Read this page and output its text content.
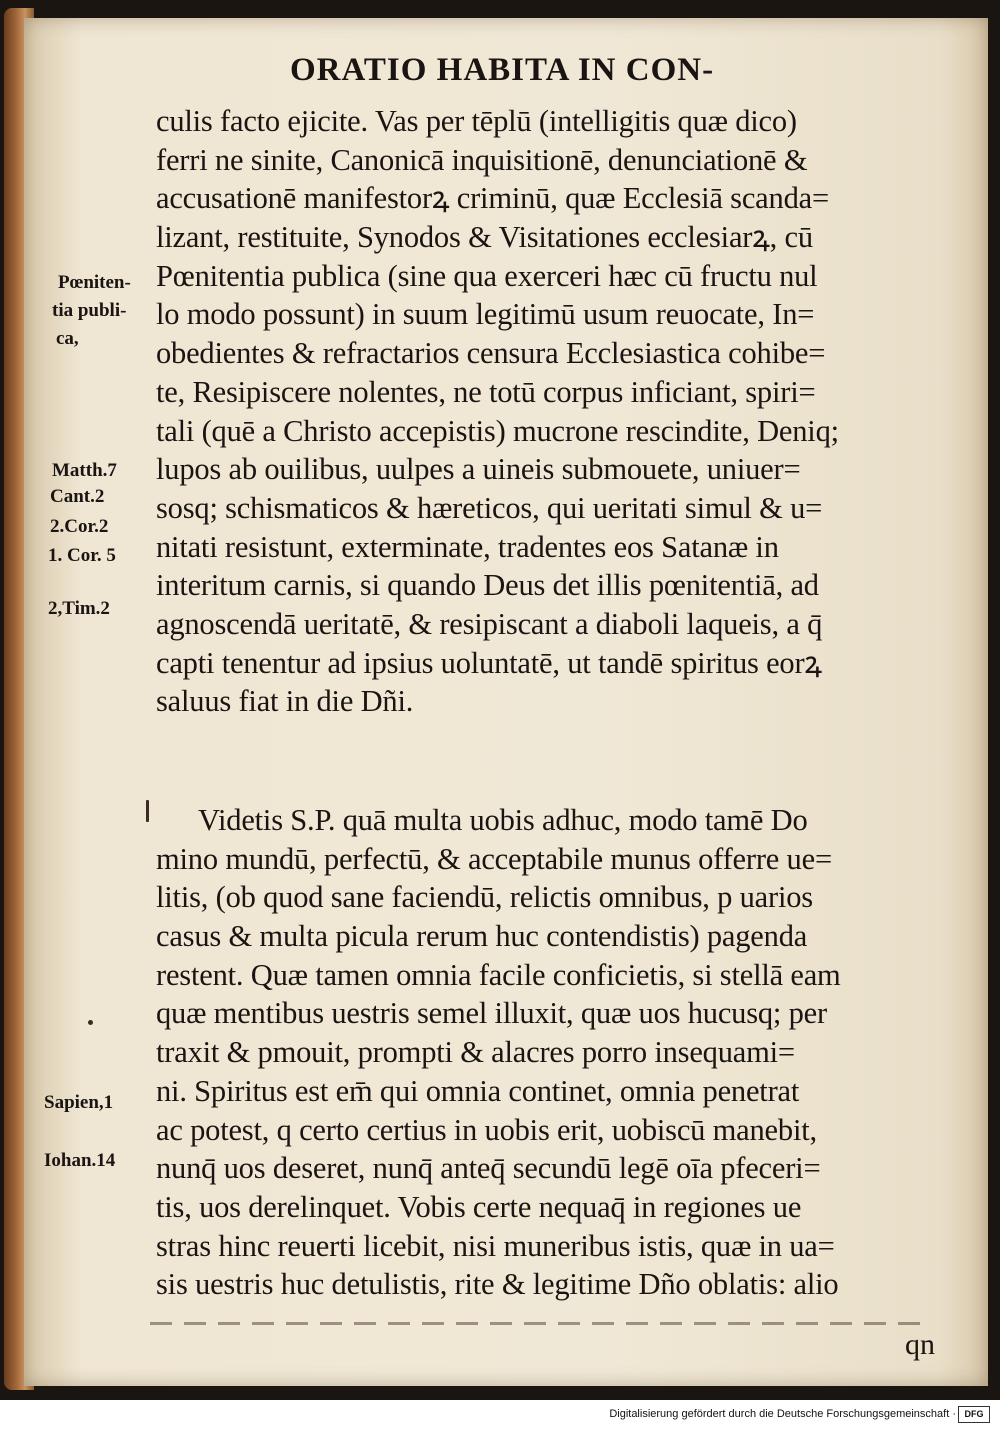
ORATIO HABITA IN CON-
culis facto ejicite. Vas per tēplū (intelligitis quæ dico)
ferri ne sinite, Canonicā inquisitionē, denunciationē &
accusationē manifestorꝝ criminū, quæ Ecclesiā scanda=
lizant, restituite, Synodos & Visitationes ecclesiarꝝ, cū
Pœnitentia publica (sine qua exerceri hæc cū fructu nul
lo modo possunt) in suum legitimū usum reuocate, In=
obedientes & refractarios censura Ecclesiastica cohibe=
te, Resipiscere nolentes, ne totū corpus inficiant, spiri=
tali (quē a Christo accepistis) mucrone rescindite, Deniq;
lupos ab ouilibus, uulpes a uineis submouete, uniuer=
sosq; schismaticos & hæreticos, qui ueritati simul & u=
nitati resistunt, exterminate, tradentes eos Satanæ in
interitum carnis, si quando Deus det illis pœnitentiā, ad
agnoscendā ueritatē, & resipiscant a diaboli laqueis, a q̄
capti tenentur ad ipsius uoluntatē, ut tandē spiritus eorꝝ
saluus fiat in die Dñi.
Videtis S.P. quā multa uobis adhuc, modo tamē Do
mino mundū, perfectū, & acceptabile munus offerre ue=
litis, (ob quod sane faciendū, relictis omnibus, p uarios
casus & multa picula rerum huc contendistis) pagenda
restent. Quæ tamen omnia facile conficietis, si stellā eam
quæ mentibus uestris semel illuxit, quæ uos hucusq; per
traxit & pmouit, prompti & alacres porro insequami=
ni. Spiritus est em̄ qui omnia continet, omnia penetrat
ac potest, q certo certius in uobis erit, uobiscū manebit,
nunq̄ uos deseret, nunq̄ anteq̄ secundū legē oīa pfeceri=
tis, uos derelinquet. Vobis certe nequaq̄ in regiones ue
stras hinc reuerti licebit, nisi muneribus istis, quæ in ua=
sis uestris huc detulistis, rite & legitime Dño oblatis: alio
Pœniten-
tia publi-
ca,
Matth.7
Cant.2
2.Cor.2
1. Cor. 5
2,Tim.2
Sapien,1
Iohan.14
qn
Digitalisierung gefördert durch die Deutsche Forschungsgemeinschaft · DFG
